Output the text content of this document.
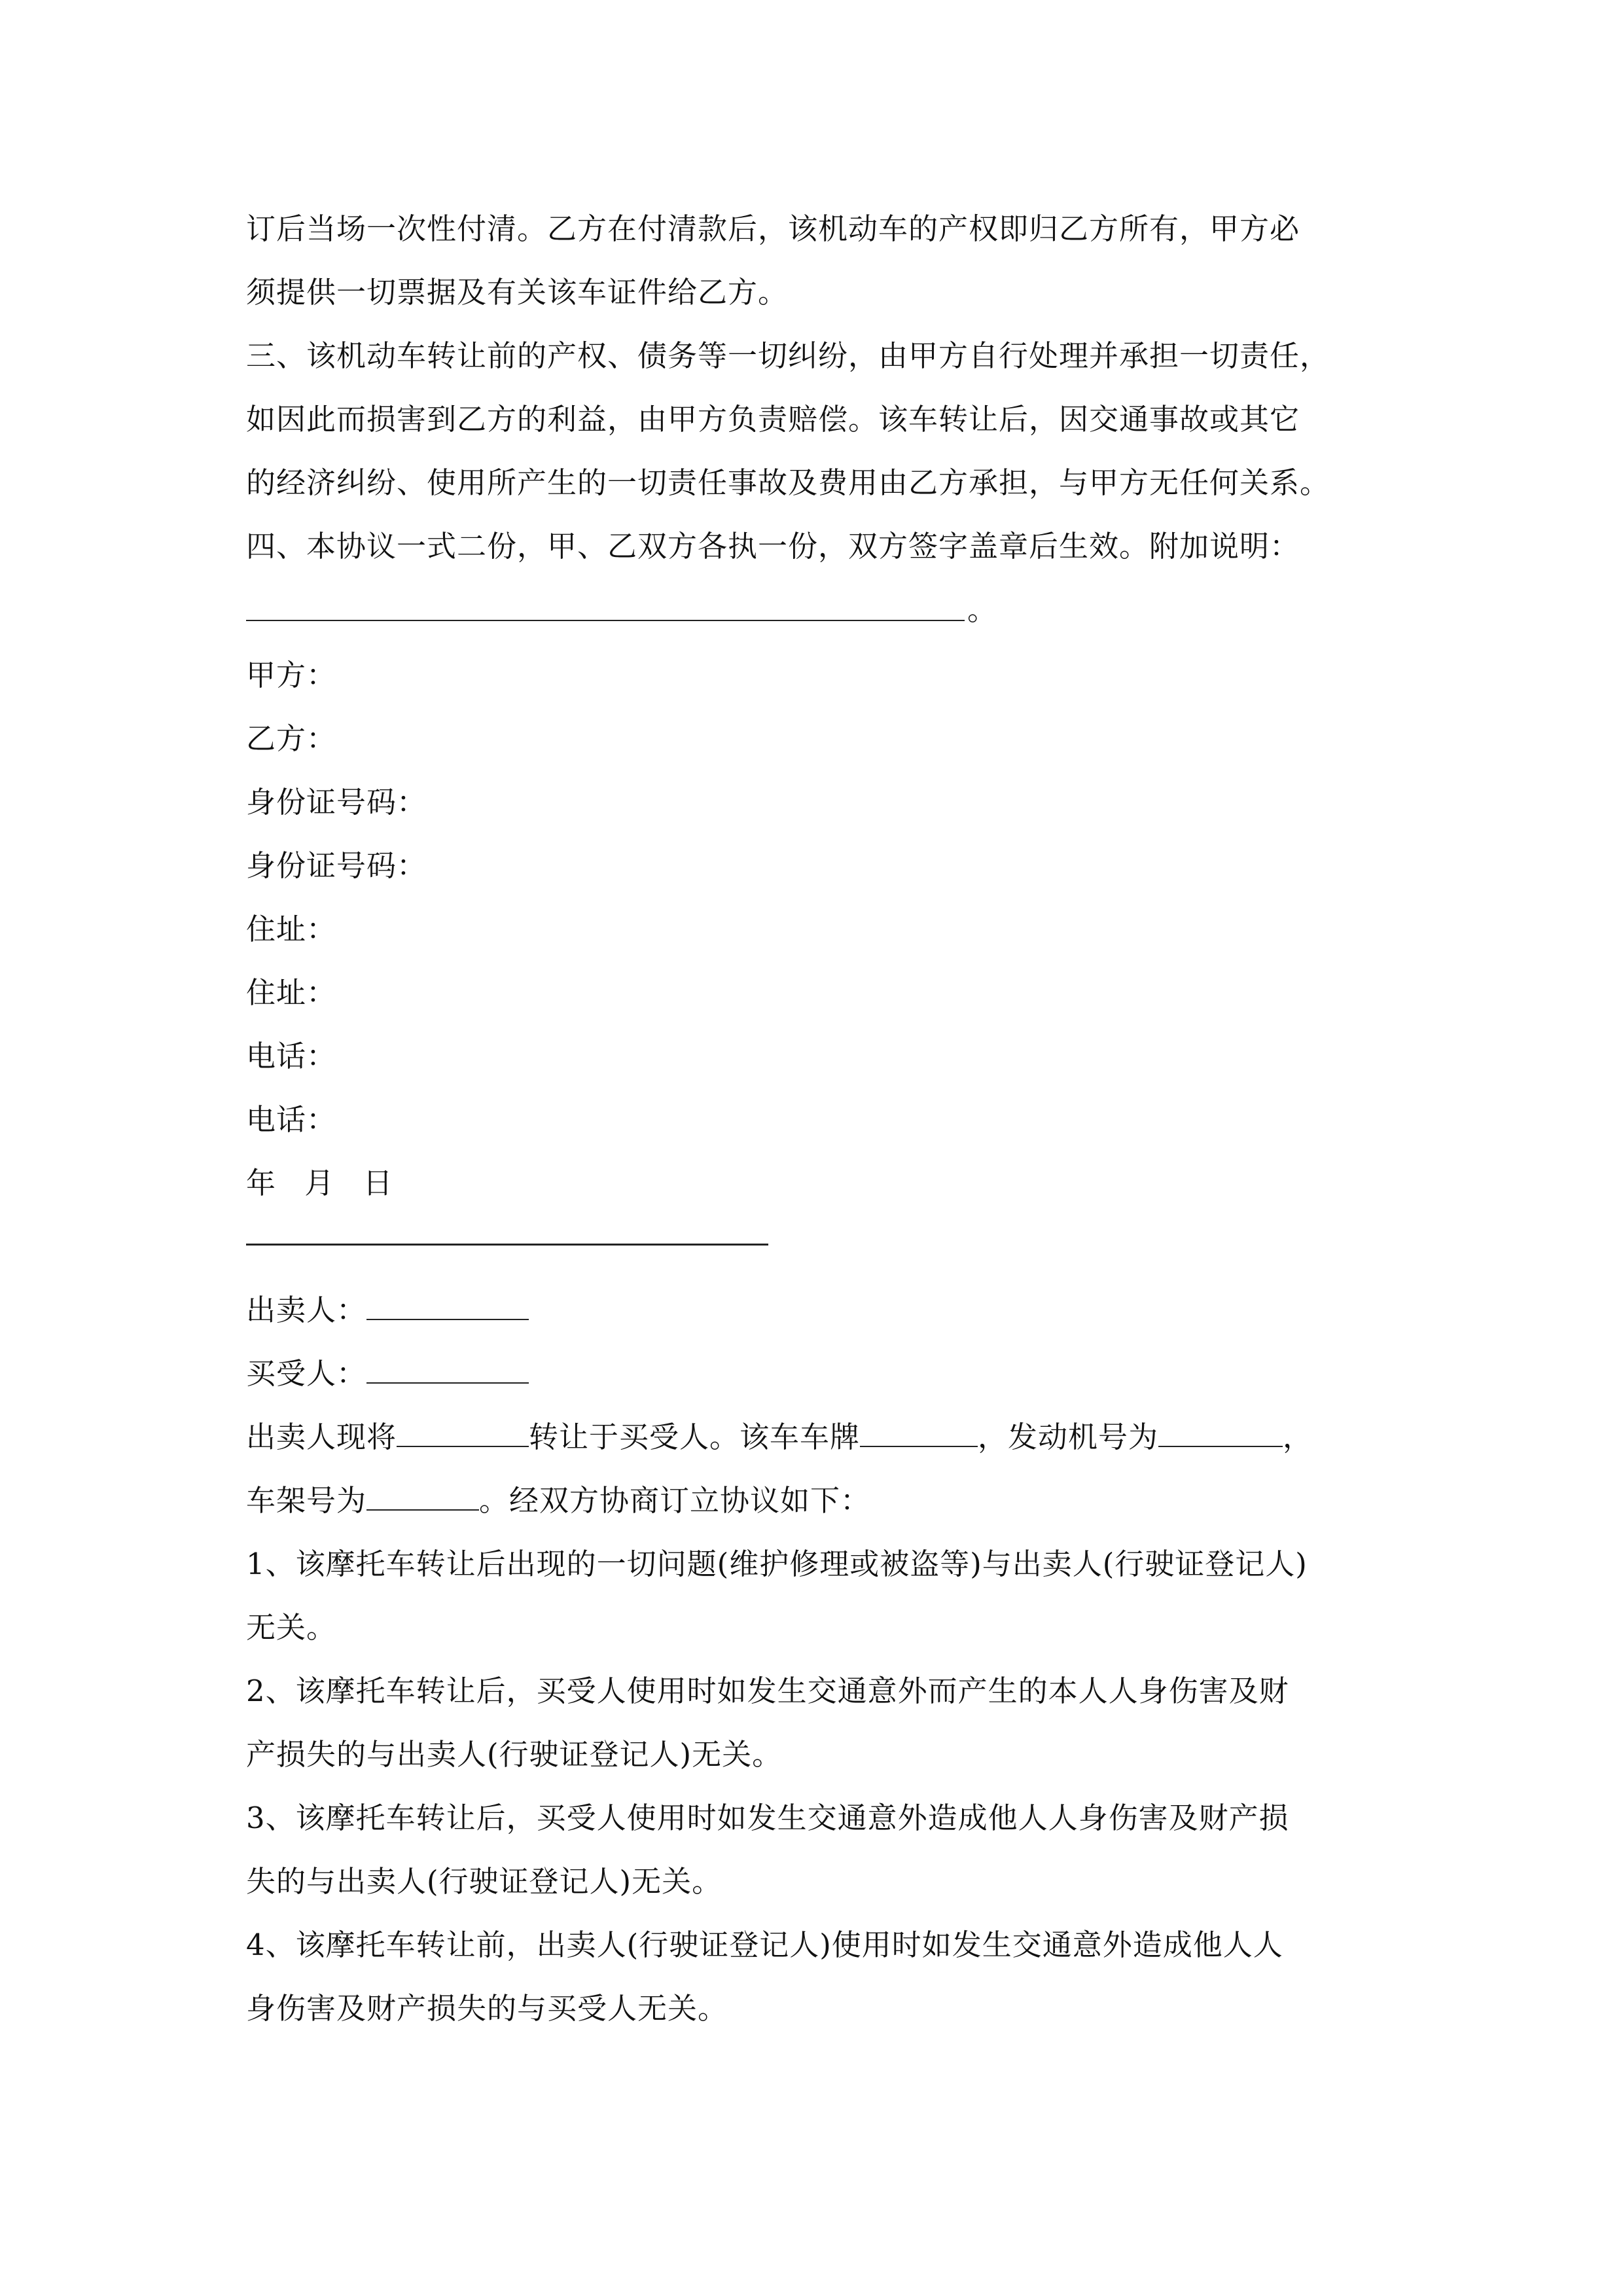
订后当场一次性付清。乙方在付清款后，该机动车的产权即归乙方所有，甲方必
须提供一切票据及有关该车证件给乙方。
三、该机动车转让前的产权、债务等一切纠纷，由甲方自行处理并承担一切责任，
如因此而损害到乙方的利益，由甲方负责赔偿。该车转让后，因交通事故或其它
的经济纠纷、使用所产生的一切责任事故及费用由乙方承担，与甲方无任何关系。
四、本协议一式二份，甲、乙双方各执一份，双方签字盖章后生效。附加说明：
。
甲方：
乙方：
身份证号码：
身份证号码：
住址：
住址：
电话：
电话：
年 月 日
出卖人：
买受人：
出卖人现将	转让于买受人。该车车牌	，发动机号为	，
车架号为	。经双方协商订立协议如下：
1、该摩托车转让后出现的一切问题(维护修理或被盗等)与出卖人(行驶证登记人)
无关。
2、该摩托车转让后，买受人使用时如发生交通意外而产生的本人人身伤害及财
产损失的与出卖人(行驶证登记人)无关。
3、该摩托车转让后，买受人使用时如发生交通意外造成他人人身伤害及财产损
失的与出卖人(行驶证登记人)无关。
4、该摩托车转让前，出卖人(行驶证登记人)使用时如发生交通意外造成他人人
身伤害及财产损失的与买受人无关。
